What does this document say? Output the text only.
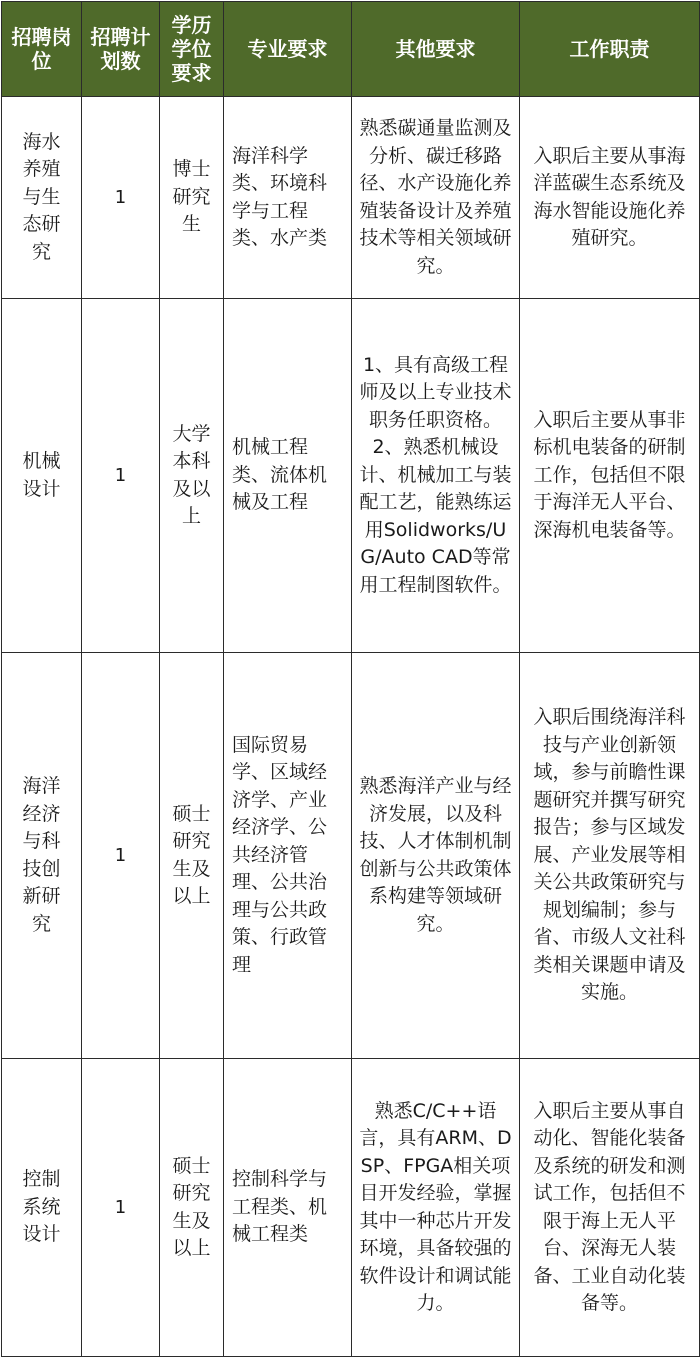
招聘岗位	招聘计划数	学历学位要求	专业要求	其他要求	工作职责
海水养殖与生态研究	1	博士研究生	海洋科学类、环境科学与工程类、水产类	熟悉碳通量监测及分析、碳迁移路径、水产设施化养殖装备设计及养殖技术等相关领域研究。	入职后主要从事海洋蓝碳生态系统及海水智能设施化养殖研究。
机械设计	1	大学本科及以上	机械工程类、流体机械及工程	1、具有高级工程师及以上专业技术职务任职资格。2、熟悉机械设计、机械加工与装配工艺，能熟练运用Solidworks/UG/Auto CAD等常用工程制图软件。	入职后主要从事非标机电装备的研制工作，包括但不限于海洋无人平台、深海机电装备等。
海洋经济与科技创新研究	1	硕士研究生及以上	国际贸易学、区域经济学、产业经济学、公共经济管理、公共治理与公共政策、行政管理	熟悉海洋产业与经济发展，以及科技、人才体制机制创新与公共政策体系构建等领域研究。	入职后围绕海洋科技与产业创新领域，参与前瞻性课题研究并撰写研究报告；参与区域发展、产业发展等相关公共政策研究与规划编制；参与省、市级人文社科类相关课题申请及实施。
控制系统设计	1	硕士研究生及以上	控制科学与工程类、机械工程类	熟悉C/C++语言，具有ARM、DSP、FPGA相关项目开发经验，掌握其中一种芯片开发环境，具备较强的软件设计和调试能力。	入职后主要从事自动化、智能化装备及系统的研发和测试工作，包括但不限于海上无人平台、深海无人装备、工业自动化装备等。
